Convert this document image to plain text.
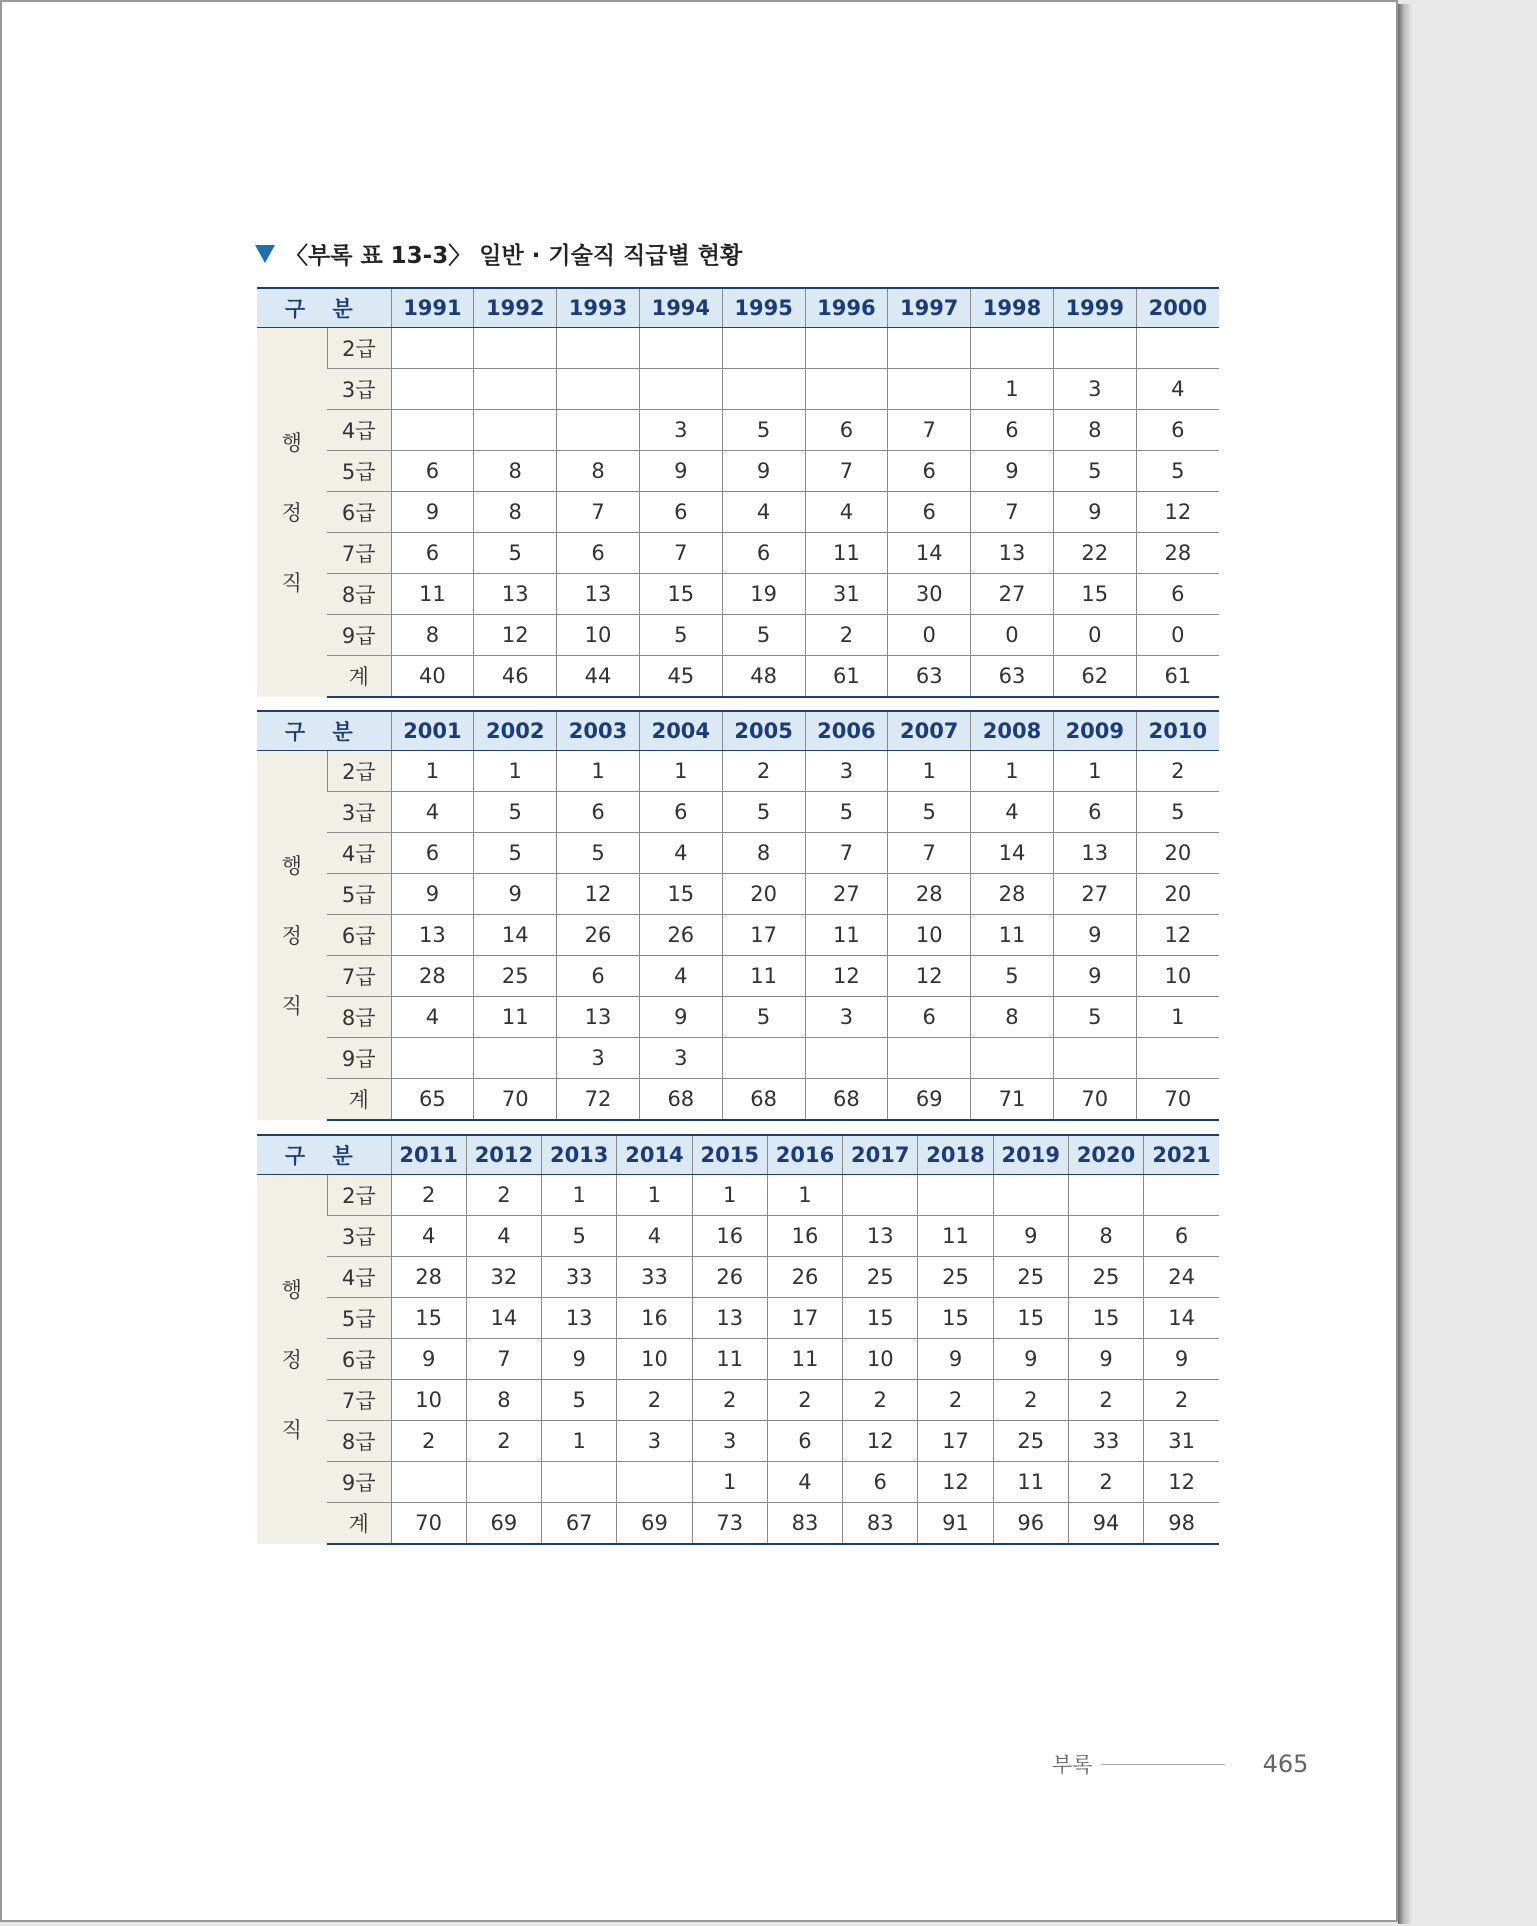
〈부록 표 13-3〉 일반 · 기술직 직급별 현황
구 분		1991	1992	1993	1994	1995	1996	1997	1998	1999	2000

행
정
직	2급										
	3급								1	3	4
	4급				3	5	6	7	6	8	6
	5급	6	8	8	9	9	7	6	9	5	5
	6급	9	8	7	6	4	4	6	7	9	12
	7급	6	5	6	7	6	11	14	13	22	28
	8급	11	13	13	15	19	31	30	27	15	6
	9급	8	12	10	5	5	2	0	0	0	0
	계	40	46	44	45	48	61	63	63	62	61
구 분		2001	2002	2003	2004	2005	2006	2007	2008	2009	2010

행
정
직	2급	1	1	1	1	2	3	1	1	1	2
	3급	4	5	6	6	5	5	5	4	6	5
	4급	6	5	5	4	8	7	7	14	13	20
	5급	9	9	12	15	20	27	28	28	27	20
	6급	13	14	26	26	17	11	10	11	9	12
	7급	28	25	6	4	11	12	12	5	9	10
	8급	4	11	13	9	5	3	6	8	5	1
	9급			3	3						
	계	65	70	72	68	68	68	69	71	70	70
구 분		2011	2012	2013	2014	2015	2016	2017	2018	2019	2020	2021

행
정
직	2급	2	2	1	1	1	1					
	3급	4	4	5	4	16	16	13	11	9	8	6
	4급	28	32	33	33	26	26	25	25	25	25	24
	5급	15	14	13	16	13	17	15	15	15	15	14
	6급	9	7	9	10	11	11	10	9	9	9	9
	7급	10	8	5	2	2	2	2	2	2	2	2
	8급	2	2	1	3	3	6	12	17	25	33	31
	9급					1	4	6	12	11	2	12
	계	70	69	67	69	73	83	83	91	96	94	98
부록	465
